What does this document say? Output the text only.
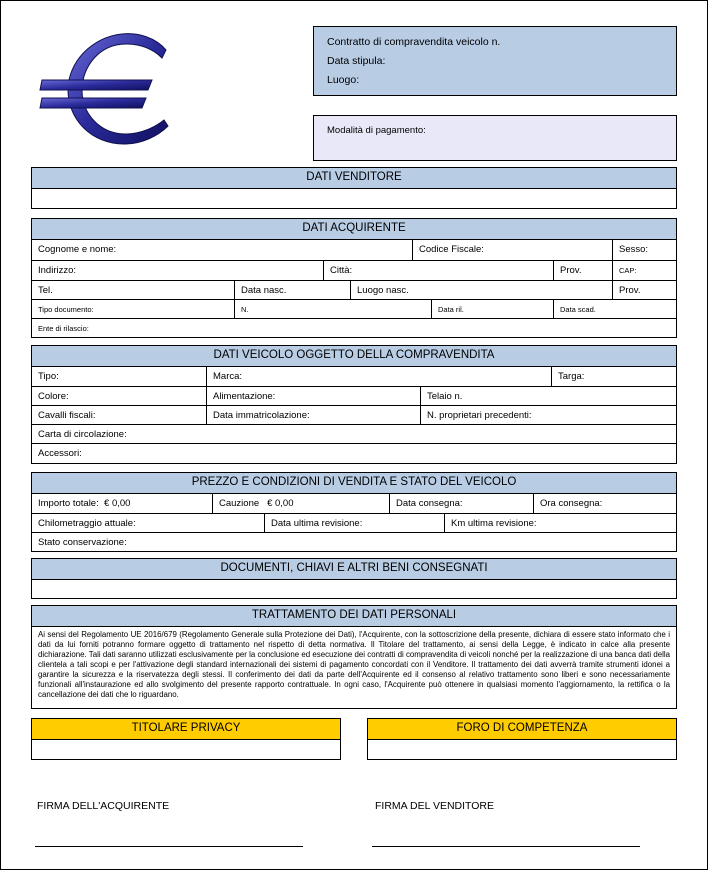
Contratto di compravendita veicolo n.
Data stipula:
Luogo:
Modalità di pagamento:
DATI VENDITORE
DATI ACQUIRENTE
Cognome e nome:	Codice Fiscale:	Sesso:
Indirizzo:	Città:	Prov.	CAP:
Tel.	Data nasc.	Luogo nasc.	Prov.
Tipo documento:	N.	Data ril.	Data scad.
Ente di rilascio:
DATI VEICOLO OGGETTO DELLA COMPRAVENDITA
Tipo:	Marca:	Targa:
Colore:	Alimentazione:	Telaio n.
Cavalli fiscali:	Data immatricolazione:	N. proprietari precedenti:
Carta di circolazione:
Accessori:
PREZZO E CONDIZIONI DI VENDITA E STATO DEL VEICOLO
Importo totale: € 0,00	Cauzione € 0,00	Data consegna:	Ora consegna:
Chilometraggio attuale:	Data ultima revisione:	Km ultima revisione:
Stato conservazione:
DOCUMENTI, CHIAVI E ALTRI BENI CONSEGNATI
TRATTAMENTO DEI DATI PERSONALI
Ai sensi del Regolamento UE 2016/679 (Regolamento Generale sulla Protezione dei Dati), l'Acquirente, con la sottoscrizione della presente, dichiara di essere stato informato che i dati da lui forniti potranno formare oggetto di trattamento nel rispetto di detta normativa. Il Titolare del trattamento, ai sensi della Legge, è indicato in calce alla presente dichiarazione. Tali dati saranno utilizzati esclusivamente per la conclusione ed esecuzione dei contratti di compravendita di veicoli nonché per la realizzazione di una banca dati della clientela a tali scopi e per l'attivazione degli standard internazionali dei sistemi di pagamento concordati con il Venditore. Il trattamento dei dati avverrà tramite strumenti idonei a garantire la sicurezza e la riservatezza degli stessi. Il conferimento dei dati da parte dell'Acquirente ed il consenso al relativo trattamento sono liberi e sono necessariamente funzionali all'instaurazione ed allo svolgimento del presente rapporto contrattuale. In ogni caso, l'Acquirente può ottenere in qualsiasi momento l'aggiornamento, la rettifica o la cancellazione dei dati che lo riguardano.
TITOLARE PRIVACY	FORO DI COMPETENZA
FIRMA DELL'ACQUIRENTE	FIRMA DEL VENDITORE
